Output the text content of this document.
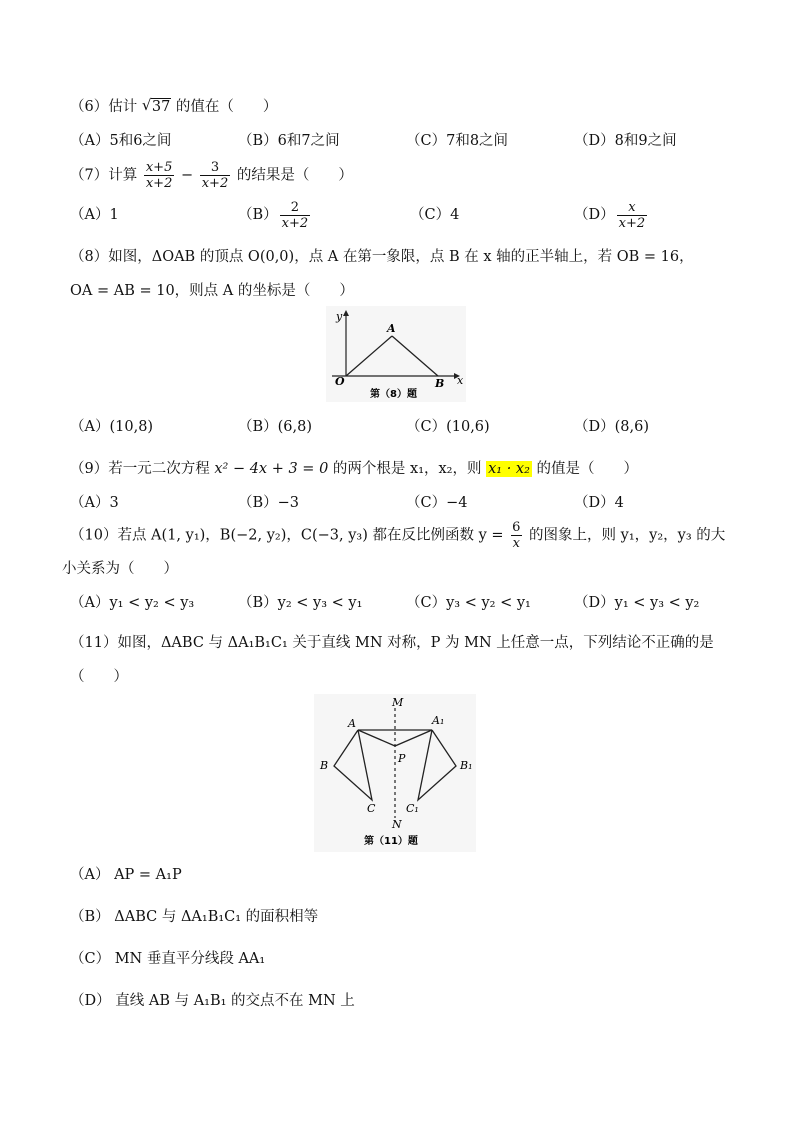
（6）估计 √ 37 的值在（　　）
（A）5和6之间	（B）6和7之间	（C）7和8之间	（D）8和9之间
（7）计算 $\frac{x+5}{x+2} - \frac{3}{x+2}$ 的结果是（　　）
（A）1	$(B) \frac{2}{x+2}$	（C）4	$(D) \frac{x}{x+2}$
（8）如图，ΔOAB 的顶点 O(0,0)，点 A 在第一象限，点 B 在 x 轴的正半轴上，若 OB = 16，
OA = AB = 10，则点 A 的坐标是（　　）
y
x
O
A
B
第（8）题
（A）(10,8)	（B）(6,8)	（C）(10,6)	（D）(8,6)
（9）若一元二次方程 x² − 4x + 3 = 0 的两个根是 x₁，x₂，则 x₁ · x₂ 的值是（　　）
（A）3	（B）−3	（C）−4	（D）4
（10）若点 A(1, y₁)，B(−2, y₂)，C(−3, y₃) 都在反比例函数 $y = \frac{6}{x}$ 的图象上，则 y₁，y₂，y₃ 的大
小关系为（　　）
（A）y₁ < y₂ < y₃	（B）y₂ < y₃ < y₁	（C）y₃ < y₂ < y₁	（D）y₁ < y₃ < y₂
（11）如图，ΔABC 与 ΔA₁B₁C₁ 关于直线 MN 对称，P 为 MN 上任意一点，下列结论不正确的是
（　　）
M
N
A	A₁
B	B₁
C	C₁
P
第（11）题
（A） AP = A₁P
（B） ΔABC 与 ΔA₁B₁C₁ 的面积相等
（C） MN 垂直平分线段 AA₁
（D） 直线 AB 与 A₁B₁ 的交点不在 MN 上
